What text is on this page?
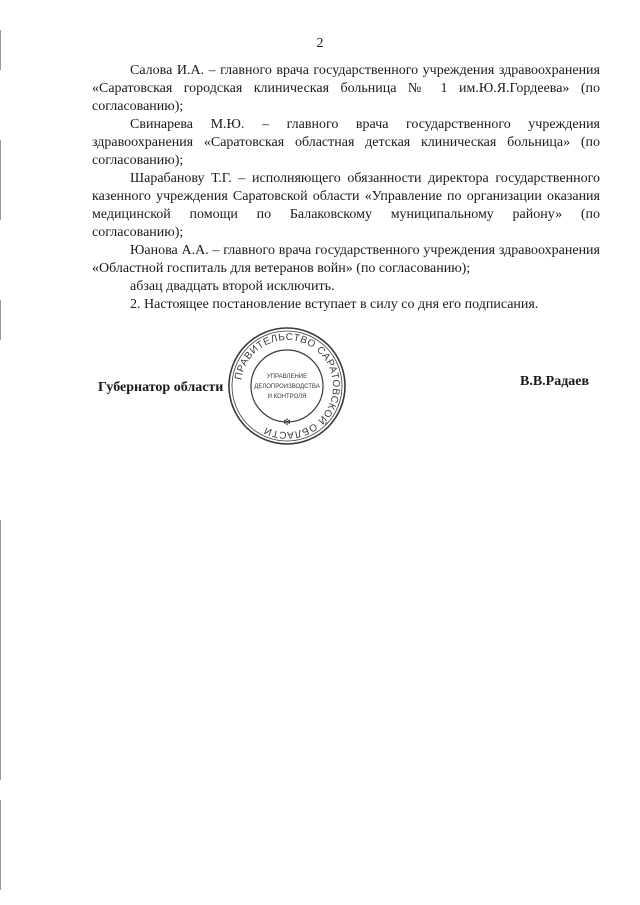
2

Салова И.А. – главного врача государственного учреждения здравоохранения «Саратовская городская клиническая больница № 1 им.Ю.Я.Гордеева» (по согласованию);

Свинарева М.Ю. – главного врача государственного учреждения здравоохранения «Саратовская областная детская клиническая больница» (по согласованию);

Шарабанову Т.Г. – исполняющего обязанности директора государственного казенного учреждения Саратовской области «Управление по организации оказания медицинской помощи по Балаковскому муниципальному району» (по согласованию);

Юанова А.А. – главного врача государственного учреждения здравоохранения «Областной госпиталь для ветеранов войн» (по согласованию);

абзац двадцать второй исключить.

2. Настоящее постановление вступает в силу со дня его подписания.

Губернатор области	В.В.Радаев
ПРАВИТЕЛЬСТВО САРАТОВСКОЙ ОБЛАСТИ
УПРАВЛЕНИЕ
ДЕЛОПРОИЗВОДСТВА
И КОНТРОЛЯ
✻
